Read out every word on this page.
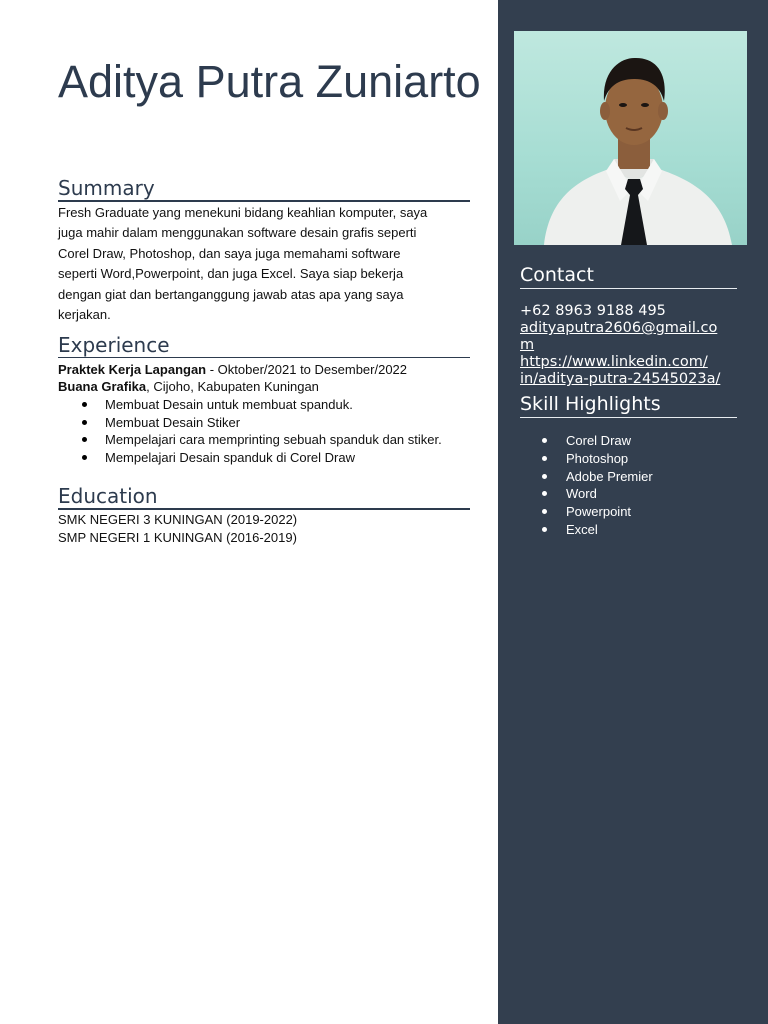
Aditya Putra Zuniarto
Summary
Fresh Graduate yang menekuni bidang keahlian komputer, saya
juga mahir dalam menggunakan software desain grafis seperti
Corel Draw, Photoshop, dan saya juga memahami software
seperti Word,Powerpoint, dan juga Excel. Saya siap bekerja
dengan giat dan bertanganggung jawab atas apa yang saya
kerjakan.
Experience
Praktek Kerja Lapangan - Oktober/2021 to Desember/2022
Buana Grafika, Cijoho, Kabupaten Kuningan
Membuat Desain untuk membuat spanduk.
Membuat Desain Stiker
Mempelajari cara memprinting sebuah spanduk dan stiker.
Mempelajari Desain spanduk di Corel Draw
Education
SMK NEGERI 3 KUNINGAN (2019-2022)
SMP NEGERI 1 KUNINGAN (2016-2019)
Contact
+62 8963 9188 495
adityaputra2606@gmail.co
m
https://www.linkedin.com/
in/aditya-putra-24545023a/
Skill Highlights
Corel Draw
Photoshop
Adobe Premier
Word
Powerpoint
Excel
